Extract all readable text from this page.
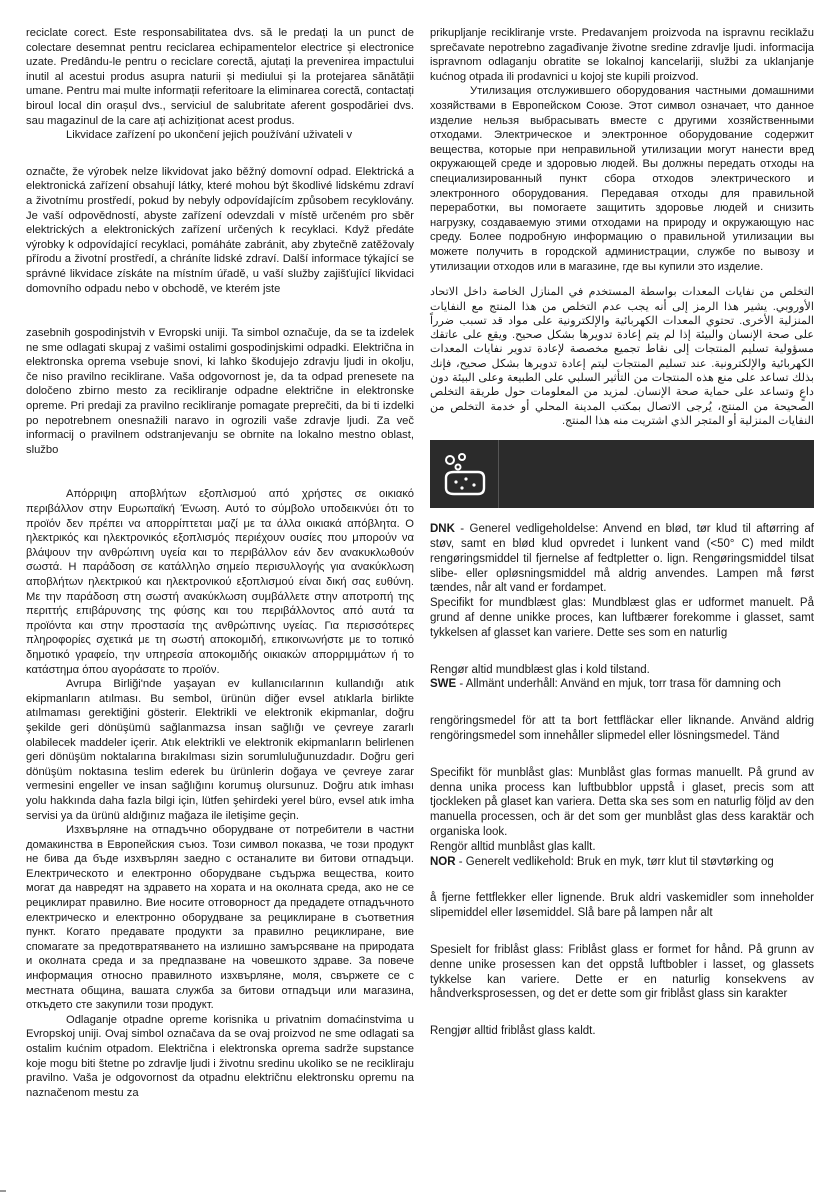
reciclate corect. Este responsabilitatea dvs. să le predați la un punct de colectare desemnat pentru reciclarea echipamentelor electrice și electronice uzate. Predându-le pentru o reciclare corectă, ajutați la prevenirea impactului inutil al acestui produs asupra naturii și mediului și la protejarea sănătății umane. Pentru mai multe informații referitoare la eliminarea corectă, contactați biroul local din orașul dvs., serviciul de salubritate aferent gospodăriei dvs. sau magazinul de la care ați achiziționat acest produs.

Likvidace zařízení po ukončení jejich používání uživateli v

označte, že výrobek nelze likvidovat jako běžný domovní odpad. Elektrická a elektronická zařízení obsahují látky, které mohou být škodlivé lidskému zdraví a životnímu prostředí, pokud by nebyly odpovídajícím způsobem recyklovány. Je vaší odpovědností, abyste zařízení odevzdali v místě určeném pro sběr elektrických a elektronických zařízení určených k recyklaci. Když předáte výrobky k odpovídající recyklaci, pomáháte zabránit, aby zbytečně zatěžovaly přírodu a životní prostředí, a chráníte lidské zdraví. Další informace týkající se správné likvidace získáte na místním úřadě, u vaší služby zajišťující likvidaci domovního odpadu nebo v obchodě, ve kterém jste

zasebnih gospodinjstvih v Evropski uniji. Ta simbol označuje, da se ta izdelek ne sme odlagati skupaj z vašimi ostalimi gospodinjskimi odpadki. Električna in elektronska oprema vsebuje snovi, ki lahko škodujejo zdravju ljudi in okolju, če niso pravilno reciklirane. Vaša odgovornost je, da ta odpad prenesete na določeno zbirno mesto za recikliranje odpadne električne in elektronske opreme. Pri predaji za pravilno recikliranje pomagate preprečiti, da bi ti izdelki po nepotrebnem onesnažili naravo in ogrozili vaše zdravje ljudi. Za več informacij o pravilnem odstranjevanju se obrnite na lokalno mestno oblast, službo

Απόρριψη αποβλήτων εξοπλισμού από χρήστες σε οικιακό περιβάλλον στην Ευρωπαϊκή Ένωση. Αυτό το σύμβολο υποδεικνύει ότι το προϊόν δεν πρέπει να απορρίπτεται μαζί με τα άλλα οικιακά απόβλητα. Ο ηλεκτρικός και ηλεκτρονικός εξοπλισμός περιέχουν ουσίες που μπορούν να βλάψουν την ανθρώπινη υγεία και το περιβάλλον εάν δεν ανακυκλωθούν σωστά. Η παράδοση σε κατάλληλο σημείο περισυλλογής για ανακύκλωση αποβλήτων ηλεκτρικού και ηλεκτρονικού εξοπλισμού είναι δική σας ευθύνη. Με την παράδοση στη σωστή ανακύκλωση συμβάλλετε στην αποτροπή της περιττής επιβάρυνσης της φύσης και του περιβάλλοντος από αυτά τα προϊόντα και στην προστασία της ανθρώπινης υγείας. Για περισσότερες πληροφορίες σχετικά με τη σωστή αποκομιδή, επικοινωνήστε με το τοπικό δημοτικό γραφείο, την υπηρεσία αποκομιδής οικιακών απορριμμάτων ή το κατάστημα όπου αγοράσατε το προϊόν.

Avrupa Birliği'nde yaşayan ev kullanıcılarının kullandığı atık ekipmanların atılması. Bu sembol, ürünün diğer evsel atıklarla birlikte atılmaması gerektiğini gösterir. Elektrikli ve elektronik ekipmanlar, doğru şekilde geri dönüşümü sağlanmazsa insan sağlığı ve çevreye zararlı olabilecek maddeler içerir. Atık elektrikli ve elektronik ekipmanların belirlenen geri dönüşüm noktalarına bırakılması sizin sorumluluğunuzdadır. Doğru geri dönüşüm noktasına teslim ederek bu ürünlerin doğaya ve çevreye zarar vermesini engeller ve insan sağlığını korumuş olursunuz. Doğru atık imhası yolu hakkında daha fazla bilgi için, lütfen şehirdeki yerel büro, evsel atık imha servisi ya da ürünü aldığınız mağaza ile iletişime geçin.

Изхвърляне на отпадъчно оборудване от потребители в частни домакинства в Европейския съюз. Този символ показва, че този продукт не бива да бъде изхвърлян заедно с останалите ви битови отпадъци. Електрическото и електронно оборудване съдържа вещества, които могат да навредят на здравето на хората и на околната среда, ако не се рециклират правилно. Вие носите отговорност да предадете отпадъчното електрическо и електронно оборудване за рециклиране в съответния пункт. Когато предавате продукти за правилно рециклиране, вие спомагате за предотвратяването на излишно замърсяване на природата и околната среда и за предпазване на човешкото здраве. За повече информация относно правилното изхвърляне, моля, свържете се с местната община, вашата служба за битови отпадъци или магазина, откъдето сте закупили този продукт.

Odlaganje otpadne opreme korisnika u privatnim domaćinstvima u Evropskoj uniji. Ovaj simbol označava da se ovaj proizvod ne sme odlagati sa ostalim kućnim otpadom. Električna i elektronska oprema sadrže supstance koje mogu biti štetne po zdravlje ljudi i životnu sredinu ukoliko se ne recikliraju pravilno. Vaša je odgovornost da otpadnu električnu elektronsku opremu na naznačenom mestu za

prikupljanje recikliranje vrste. Predavanjem proizvoda na ispravnu reciklažu sprečavate nepotrebno zagađivanje životne sredine zdravlje ljudi. informacija ispravnom odlaganju obratite se lokalnoj kancelariji, službi za uklanjanje kućnog otpada ili prodavnici u kojoj ste kupili proizvod.

Утилизация отслужившего оборудования частными домашними хозяйствами в Европейском Союзе. Этот символ означает, что данное изделие нельзя выбрасывать вместе с другими хозяйственными отходами. Электрическое и электронное оборудование содержит вещества, которые при неправильной утилизации могут нанести вред окружающей среде и здоровью людей. Вы должны передать отходы на специализированный пункт сбора отходов электрического и электронного оборудования. Передавая отходы для правильной переработки, вы помогаете защитить здоровье людей и снизить нагрузку, создаваемую этими отходами на природу и окружающую нас среду. Более подробную информацию о правильной утилизации вы можете получить в городской администрации, службе по вывозу и утилизации отходов или в магазине, где вы купили это изделие.

التخلص من نفايات المعدات بواسطة المستخدم في المنازل الخاصة داخل الاتحاد الأوروبي. يشير هذا الرمز إلى أنه يجب عدم التخلص من هذا المنتج مع النفايات المنزلية الأخرى. تحتوي المعدات الكهربائية والإلكترونية على مواد قد تسبب ضرراً على صحة الإنسان والبيئة إذا لم يتم إعادة تدويرها بشكل صحيح. ويقع على عاتقك مسؤولية تسليم المنتجات إلى نقاط تجميع مخصصة لإعادة تدوير نفايات المعدات الكهربائية والإلكترونية. عند تسليم المنتجات ليتم إعادة تدويرها بشكل صحيح، فإنك بذلك تساعد على منع هذه المنتجات من التأثير السلبي على الطبيعة وعلى البيئة دون داعٍ وتساعد على حماية صحة الإنسان. لمزيد من المعلومات حول طريقة التخلص الصحيحة من المنتج، يُرجى الاتصال بمكتب المدينة المحلي أو خدمة التخلص من النفايات المنزلية أو المتجر الذي اشتريت منه هذا المنتج.

DNK - Generel vedligeholdelse: Anvend en blød, tør klud til aftørring af støv, samt en blød klud opvredet i lunkent vand (<50° C) med mildt rengøringsmiddel til fjernelse af fedtpletter o. lign. Rengøringsmiddel tilsat slibe- eller opløsningsmiddel må aldrig anvendes. Lampen må først tændes, når alt vand er fordampet.

Specifikt for mundblæst glas: Mundblæst glas er udformet manuelt. På grund af denne unikke proces, kan luftbærer forekomme i glasset, samt tykkelsen af glasset kan variere. Dette ses som en naturlig

Rengør altid mundblæst glas i kold tilstand.

SWE - Allmänt underhåll: Använd en mjuk, torr trasa för damning och

rengöringsmedel för att ta bort fettfläckar eller liknande. Använd aldrig rengöringsmedel som innehåller slipmedel eller lösningsmedel. Tänd

Specifikt för munblåst glas: Munblåst glas formas manuellt. På grund av denna unika process kan luftbubblor uppstå i glaset, precis som att tjockleken på glaset kan variera. Detta ska ses som en naturlig följd av den manuella processen, och är det som ger munblåst glas dess karaktär och organiska look.

Rengör alltid munblåst glas kallt.

NOR - Generelt vedlikehold: Bruk en myk, tørr klut til støvtørking og

å fjerne fettflekker eller lignende. Bruk aldri vaskemidler som inneholder slipemiddel eller løsemiddel. Slå bare på lampen når alt

Spesielt for friblåst glass: Friblåst glass er formet for hånd. På grunn av denne unike prosessen kan det oppstå luftbobler i lasset, og glassets tykkelse kan variere. Dette er en naturlig konsekvens av håndverksprosessen, og det er dette som gir friblåst glass sin karakter

Rengjør alltid friblåst glass kaldt.
